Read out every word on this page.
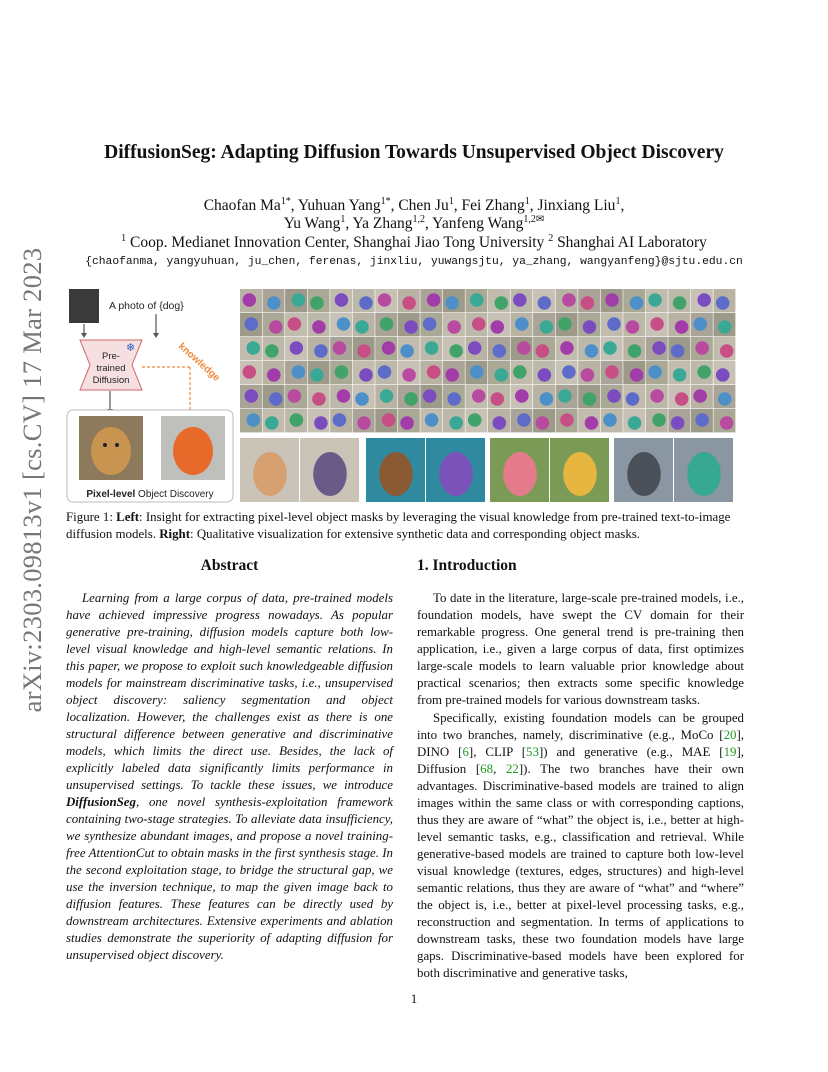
arXiv:2303.09813v1 [cs.CV] 17 Mar 2023
DiffusionSeg: Adapting Diffusion Towards Unsupervised Object Discovery
Chaofan $Ma^{1*}$, Yuhuan Yang$^{1*}$, Chen Ju$^1$, Fei Zhang$^1$, Jinxiang Liu$^1$,
Yu Wang$^1$, Ya Zhang$^{1,2}$, Yanfeng Wang$^{1,2✉}$
$^1$ Coop. Medianet Innovation Center, Shanghai Jiao Tong University $^2$ Shanghai AI Laboratory
{chaofanma, yangyuhuan, ju_chen, ferenas, jinxliu, yuwangsjtu, ya_zhang, wangyanfeng}@sjtu.edu.cn
A photo of {dog}
❄
Pre-
trained
Diffusion	knowledge
Pixel-level Object Discovery
Figure 1: Left: Insight for extracting pixel-level object masks by leveraging the visual knowledge from pre-trained text-to-image diffusion models. Right: Qualitative visualization for extensive synthetic data and corresponding object masks.
Abstract
Learning from a large corpus of data, pre-trained models have achieved impressive progress nowadays. As popular generative pre-training, diffusion models capture both low-level visual knowledge and high-level semantic relations. In this paper, we propose to exploit such knowledgeable diffusion models for mainstream discriminative tasks, i.e., unsupervised object discovery: saliency segmentation and object localization. However, the challenges exist as there is one structural difference between generative and discriminative models, which limits the direct use. Besides, the lack of explicitly labeled data significantly limits performance in unsupervised settings. To tackle these issues, we introduce DiffusionSeg, one novel synthesis-exploitation framework containing two-stage strategies. To alleviate data insufficiency, we synthesize abundant images, and propose a novel training-free AttentionCut to obtain masks in the first synthesis stage. In the second exploitation stage, to bridge the structural gap, we use the inversion technique, to map the given image back to diffusion features. These features can be directly used by downstream architectures. Extensive experiments and ablation studies demonstrate the superiority of adapting diffusion for unsupervised object discovery.
1. Introduction
To date in the literature, large-scale pre-trained models, i.e., foundation models, have swept the CV domain for their remarkable progress. One general trend is pre-training then application, i.e., given a large corpus of data, first optimizes large-scale models to learn valuable prior knowledge about practical scenarios; then extracts some specific knowledge from pre-trained models for various downstream tasks.
Specifically, existing foundation models can be grouped into two branches, namely, discriminative (e.g., MoCo [20], DINO [6], CLIP [53]) and generative (e.g., MAE [19], Diffusion [68, 22]). The two branches have their own advantages. Discriminative-based models are trained to align images within the same class or with corresponding captions, thus they are aware of “what” the object is, i.e., better at high-level semantic tasks, e.g., classification and retrieval. While generative-based models are trained to capture both low-level visual knowledge (textures, edges, structures) and high-level semantic relations, thus they are aware of “what” and “where” the object is, i.e., better at pixel-level processing tasks, e.g., reconstruction and segmentation. In terms of applications to downstream tasks, these two foundation models have large gaps. Discriminative-based models have been explored for both discriminative and generative tasks,
1
